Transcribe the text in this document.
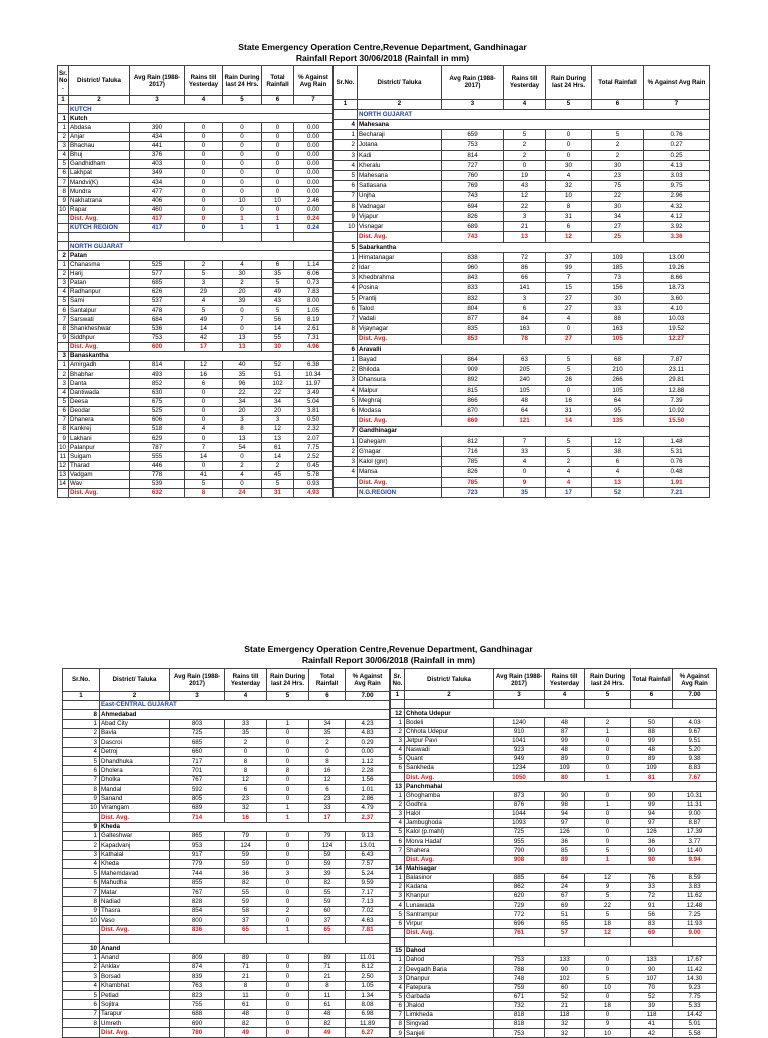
State Emergency Operation Centre,Revenue Department, Gandhinagar
Rainfall Report 30/06/2018 (Rainfall in mm)
Sr. No .	District/ Taluka	Avg Rain (1988-2017)	Rains till Yesterday	Rain During last 24 Hrs.	Total Rainfall	% Against Avg Rain
1	2	3	4	5	6	7
	KUTCH					
1	Kutch					
1	Abdasa	390	0	0	0	0.00
2	Anjar	434	0	0	0	0.00
3	Bhachau	441	0	0	0	0.00
4	Bhuj	376	0	0	0	0.00
5	Gandhidham	403	0	0	0	0.00
6	Lakhpat	349	0	0	0	0.00
7	Mandvi(K)	434	0	0	0	0.00
8	Mundra	477	0	0	0	0.00
9	Nakhatrana	406	0	10	10	2.46
10	Rapar	460	0	0	0	0.00
	Dist. Avg.	417	0	1	1	0.24
	KUTCH REGION	417	0	1	1	0.24

	NORTH GUJARAT					
2	Patan					
1	Chanasma	525	2	4	6	1.14
2	Harij	577	5	30	35	6.06
3	Patan	685	3	2	5	0.73
4	Radhanpur	626	29	20	49	7.83
5	Sami	537	4	39	43	8.00
6	Santalpur	478	5	0	5	1.05
7	Sarswati	684	49	7	56	8.19
8	Shankheshwar	536	14	0	14	2.61
9	Siddhpur	753	42	13	55	7.31
	Dist. Avg.	600	17	13	30	4.96
3	Banaskantha					
1	Amirgadh	814	12	40	52	6.38
2	Bhabhar	493	16	35	51	10.34
3	Danta	852	6	96	102	11.97
4	Dantiwada	630	0	22	22	3.49
5	Deesa	675	0	34	34	5.04
6	Deodar	525	0	20	20	3.81
7	Dhanera	606	0	3	3	0.50
8	Kankrej	518	4	8	12	2.32
9	Lakhani	629	0	13	13	2.07
10	Palanpur	787	7	54	61	7.75
11	Suigam	555	14	0	14	2.52
12	Tharad	446	0	2	2	0.45
13	Vadgam	778	41	4	45	5.78
14	Wav	539	5	0	5	0.93
	Dist. Avg.	632	8	24	31	4.93
Sr.No.	District/ Taluka	Avg Rain (1988-2017)	Rains till Yesterday	Rain During last 24 Hrs.	Total Rainfall	% Against Avg Rain
1	2	3	4	5	6	7
	NORTH GUJARAT					
4	Mahesana					
1	Becharaji	659	5	0	5	0.76
2	Jotana	753	2	0	2	0.27
3	Kadi	814	2	0	2	0.25
4	Kheralu	727	0	30	30	4.13
5	Mahesana	760	19	4	23	3.03
6	Satlasana	769	43	32	75	9.75
7	Unjha	743	12	10	22	2.96
8	Vadnagar	694	22	8	30	4.32
9	Vijapur	826	3	31	34	4.12
10	Visnagar	689	21	6	27	3.92
	Dist. Avg.	743	13	12	25	3.36
5	Sabarkantha					
1	Himatanagar	838	72	37	109	13.00
2	Idar	960	86	99	185	19.26
3	Khedbrahma	843	66	7	73	8.66
4	Posina	833	141	15	156	18.73
5	Prantij	832	3	27	30	3.60
6	Talod	804	6	27	33	4.10
7	Vadali	877	84	4	88	10.03
8	Vijaynagar	835	163	0	163	19.52
	Dist. Avg.	853	78	27	105	12.27
6	Aravalli					
1	Bayad	864	63	5	68	7.87
2	Bhiloda	909	205	5	210	23.11
3	Dhansura	892	240	26	266	29.81
4	Malpur	815	105	0	105	12.88
5	Meghraj	866	48	16	64	7.39
6	Modasa	870	64	31	95	10.92
	Dist. Avg.	869	121	14	135	15.50
7	Gandhinagar					
1	Dahegam	812	7	5	12	1.48
2	G'nagar	716	33	5	38	5.31
3	Kalol (gnr)	785	4	2	6	0.76
4	Mansa	826	0	4	4	0.48
	Dist. Avg.	785	9	4	13	1.91
	N.G.REGION	723	35	17	52	7.21
State Emergency Operation Centre,Revenue Department, Gandhinagar
Rainfall Report 30/06/2018 (Rainfall in mm)
Sr.No.	District/ Taluka	Avg Rain (1988-2017)	Rains till Yesterday	Rain During last 24 Hrs.	Total Rainfall	% Against Avg Rain
1	2	3	4	5	6	7.00
	East-CENTRAL GUJARAT					
8	Ahmedabad					
1	Abad City	803	33	1	34	4.23
2	Bavla	725	35	0	35	4.83
3	Dascroi	685	2	0	2	0.29
4	Detroj	660	0	0	0	0.00
5	Dhandhuka	717	8	0	8	1.12
6	Dholera	701	8	8	16	2.28
7	Dholka	767	12	0	12	1.56
8	Mandal	592	6	0	6	1.01
9	Sanand	805	23	0	23	2.86
10	Viramgam	689	32	1	33	4.79
	Dist. Avg.	714	16	1	17	2.37
9	Kheda					
1	Galteshwar	865	79	0	79	9.13
2	Kapadvanj	953	124	0	124	13.01
3	Kathalal	917	59	0	59	6.43
4	Kheda	779	59	0	59	7.57
5	Mahemdavad	744	36	3	39	5.24
6	Mahudha	855	82	0	82	9.59
7	Matar	767	55	0	55	7.17
8	Nadiad	828	59	0	59	7.13
9	Thasra	854	58	2	60	7.02
10	Vaso	800	37	0	37	4.63
	Dist. Avg.	836	65	1	65	7.81

10	Anand					
1	Anand	809	89	0	89	11.01
2	Anklav	874	71	0	71	8.12
3	Borsad	839	21	0	21	2.50
4	Khambhat	763	8	0	8	1.05
5	Petlad	823	11	0	11	1.34
6	Sojitra	755	61	0	61	8.08
7	Tarapur	688	48	0	48	6.98
8	Umreth	690	82	0	82	11.89
	Dist. Avg.	780	49	0	49	6.27
Sr. No.	District/ Taluka	Avg Rain (1988-2017)	Rains till Yesterday	Rain During last 24 Hrs.	Total Rainfall	% Against Avg Rain
1	2	3	4	5	6	7.00

12	Chhota Udepur					
1	Bodeli	1240	48	2	50	4.03
2	Chhota Udepur	910	87	1	88	9.67
3	Jetpur Pavi	1041	99	0	99	9.51
4	Naswadi	923	48	0	48	5.20
5	Quant	949	89	0	89	9.38
6	Sankheda	1234	109	0	109	8.83
	Dist. Avg.	1050	80	1	81	7.67
13	Panchmahal					
1	Ghoghamba	873	90	0	90	10.31
2	Godhra	876	98	1	99	11.31
3	Halol	1044	94	0	94	9.00
4	Jambughoda	1093	97	0	97	8.87
5	Kalol (p.mahl)	725	126	0	126	17.39
6	Morva Hadaf	955	36	0	36	3.77
7	Shahera	790	85	5	90	11.40
	Dist. Avg.	908	89	1	90	9.94
14	Mahisagar					
1	Balasinor	885	64	12	76	8.59
2	Kadana	862	24	9	33	3.83
3	Khanpur	620	67	5	72	11.62
4	Lunawada	729	69	22	91	12.48
5	Santrampur	772	51	5	56	7.25
6	Virpur	696	65	18	83	11.93
	Dist. Avg.	761	57	12	69	9.00

15	Dahod					
1	Dahod	753	133	0	133	17.67
2	Devgadh Baria	788	90	0	90	11.42
3	Dhanpur	748	102	5	107	14.30
4	Fatepura	759	60	10	70	9.23
5	Garbada	671	52	0	52	7.75
6	Jhalod	732	21	18	39	5.33
7	Limkheda	818	118	0	118	14.42
8	Singvad	818	32	9	41	5.01
9	Sanjeli	753	32	10	42	5.58
